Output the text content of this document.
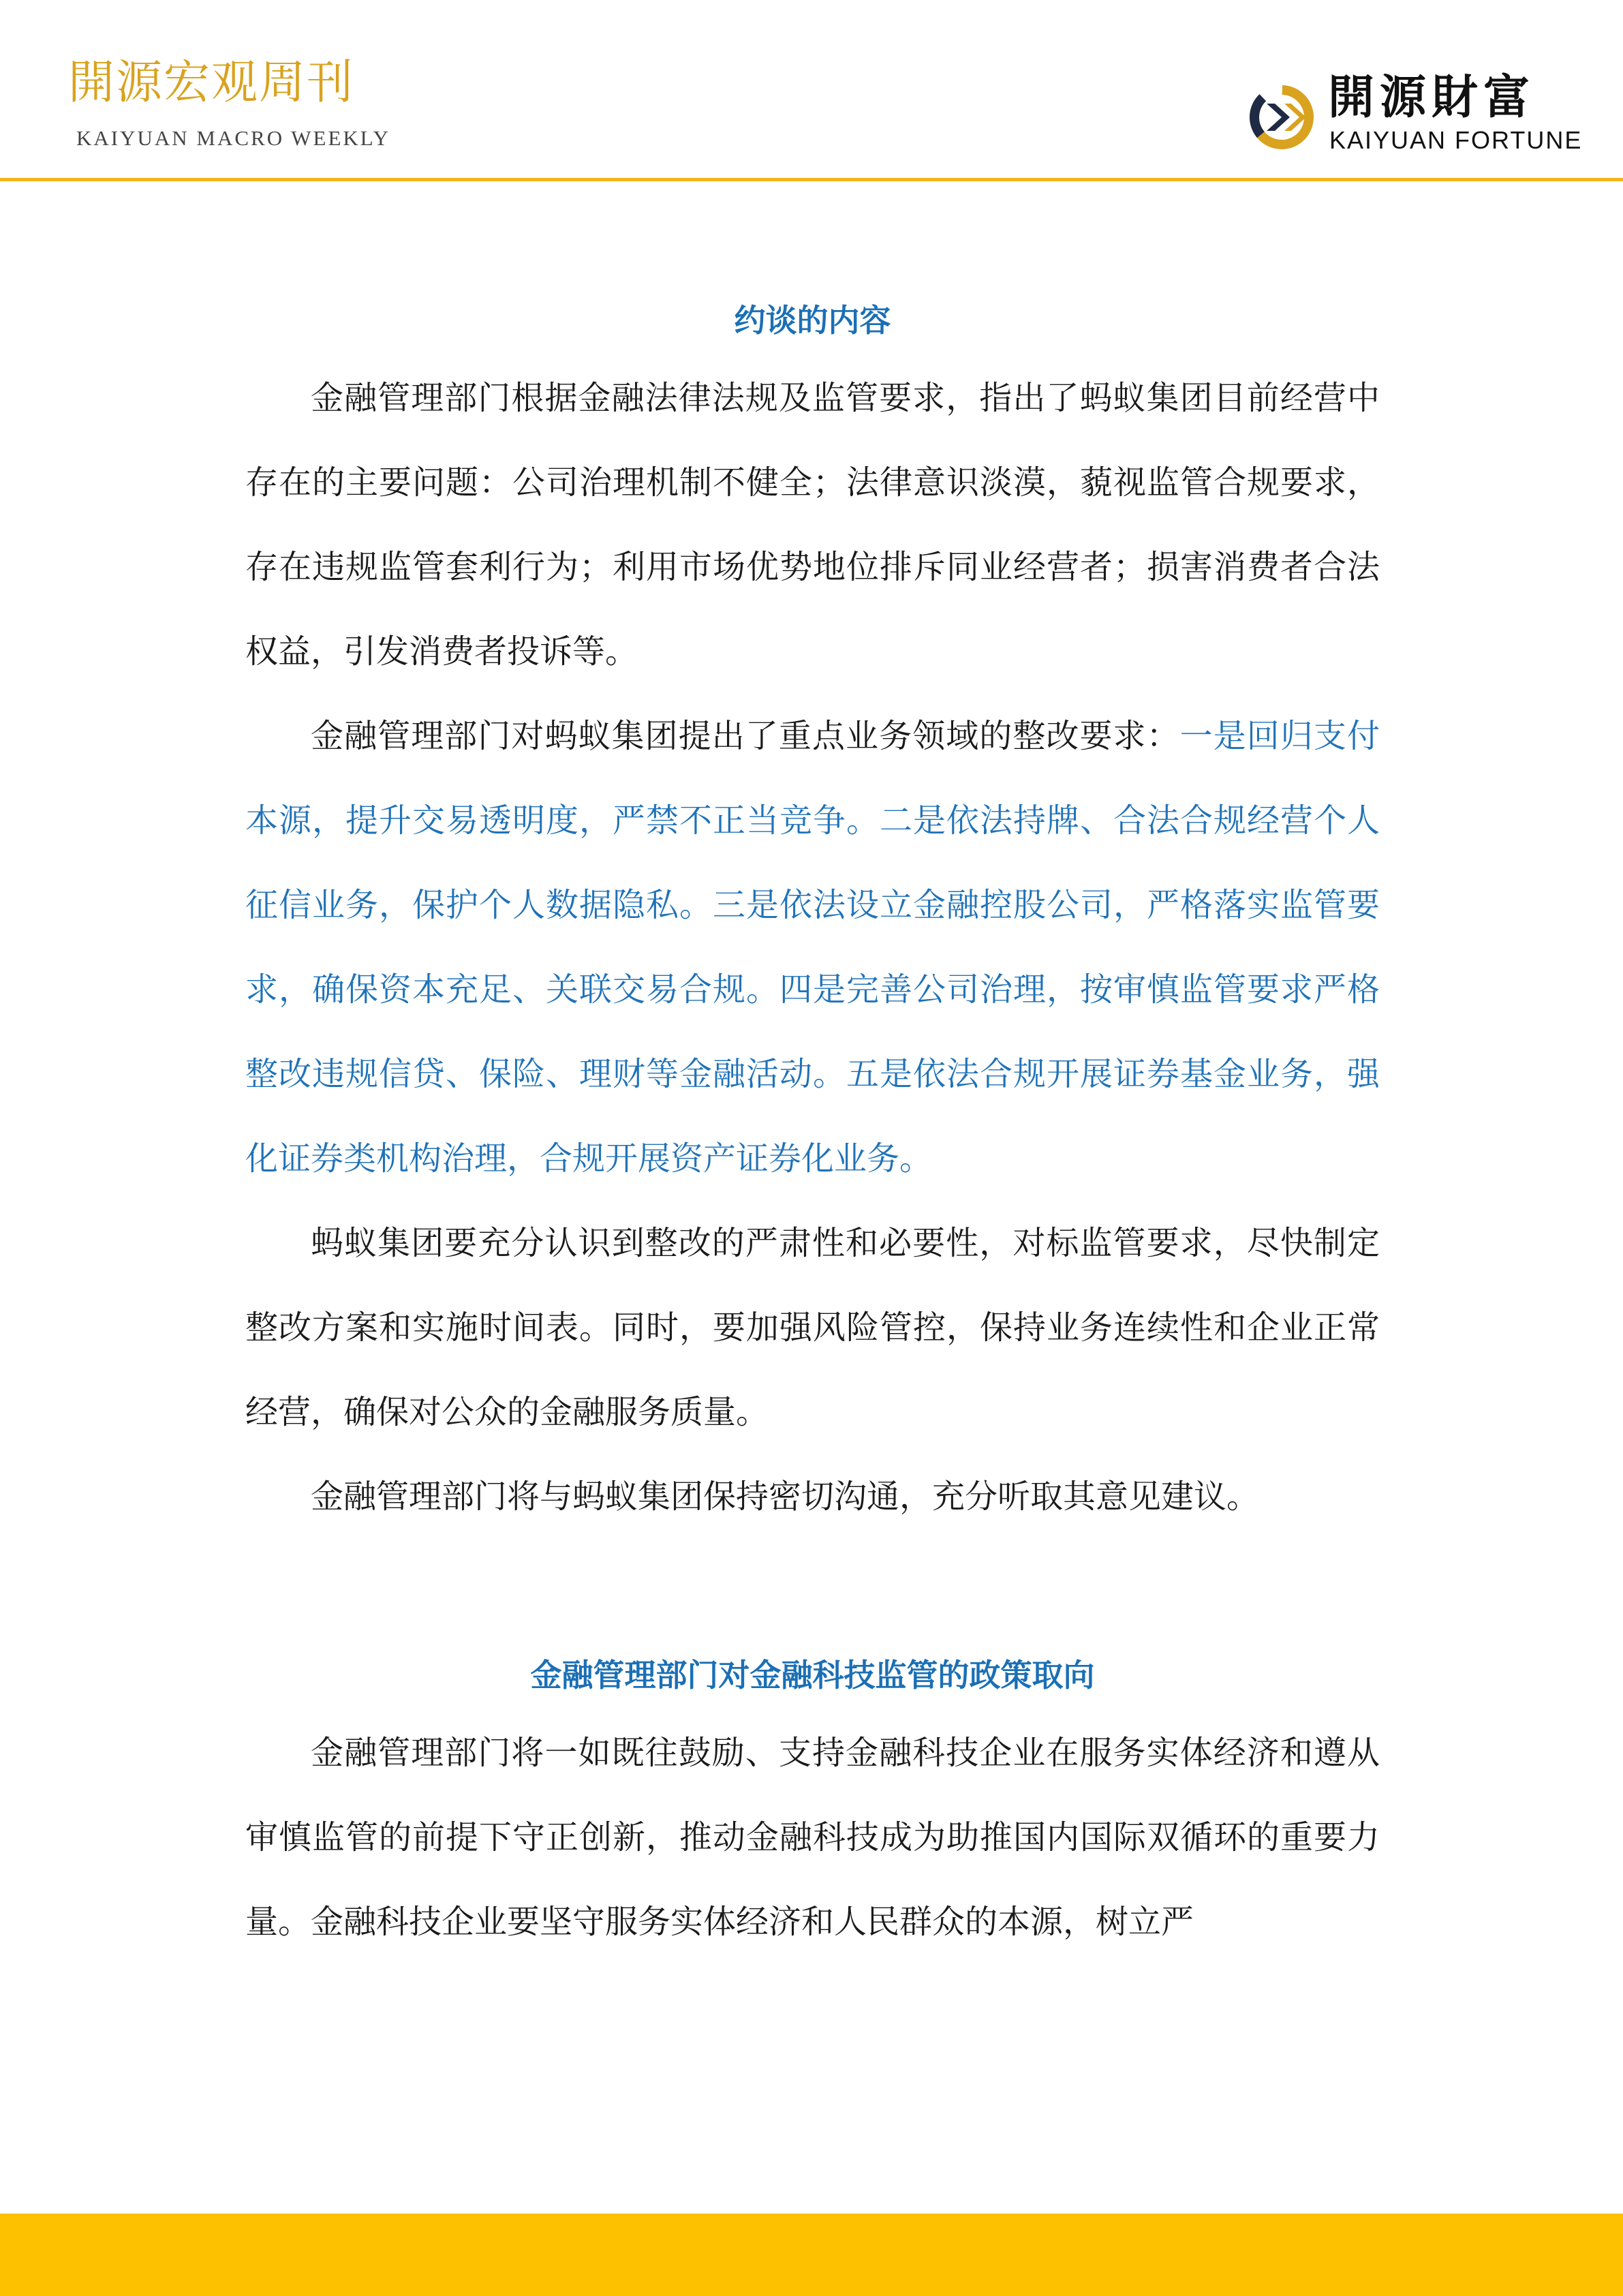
開源宏观周刊
KAIYUAN MACRO WEEKLY
開源財富
KAIYUAN FORTUNE
约谈的内容

金融管理部门根据金融法律法规及监管要求，指出了蚂蚁集团目前经营中存在的主要问题：公司治理机制不健全；法律意识淡漠，藐视监管合规要求，存在违规监管套利行为；利用市场优势地位排斥同业经营者；损害消费者合法权益，引发消费者投诉等。

金融管理部门对蚂蚁集团提出了重点业务领域的整改要求：一是回归支付本源，提升交易透明度，严禁不正当竞争。二是依法持牌、合法合规经营个人征信业务，保护个人数据隐私。三是依法设立金融控股公司，严格落实监管要求，确保资本充足、关联交易合规。四是完善公司治理，按审慎监管要求严格整改违规信贷、保险、理财等金融活动。五是依法合规开展证券基金业务，强化证券类机构治理，合规开展资产证券化业务。

蚂蚁集团要充分认识到整改的严肃性和必要性，对标监管要求，尽快制定整改方案和实施时间表。同时，要加强风险管控，保持业务连续性和企业正常经营，确保对公众的金融服务质量。

金融管理部门将与蚂蚁集团保持密切沟通，充分听取其意见建议。

金融管理部门对金融科技监管的政策取向

金融管理部门将一如既往鼓励、支持金融科技企业在服务实体经济和遵从审慎监管的前提下守正创新，推动金融科技成为助推国内国际双循环的重要力量。金融科技企业要坚守服务实体经济和人民群众的本源，树立严
